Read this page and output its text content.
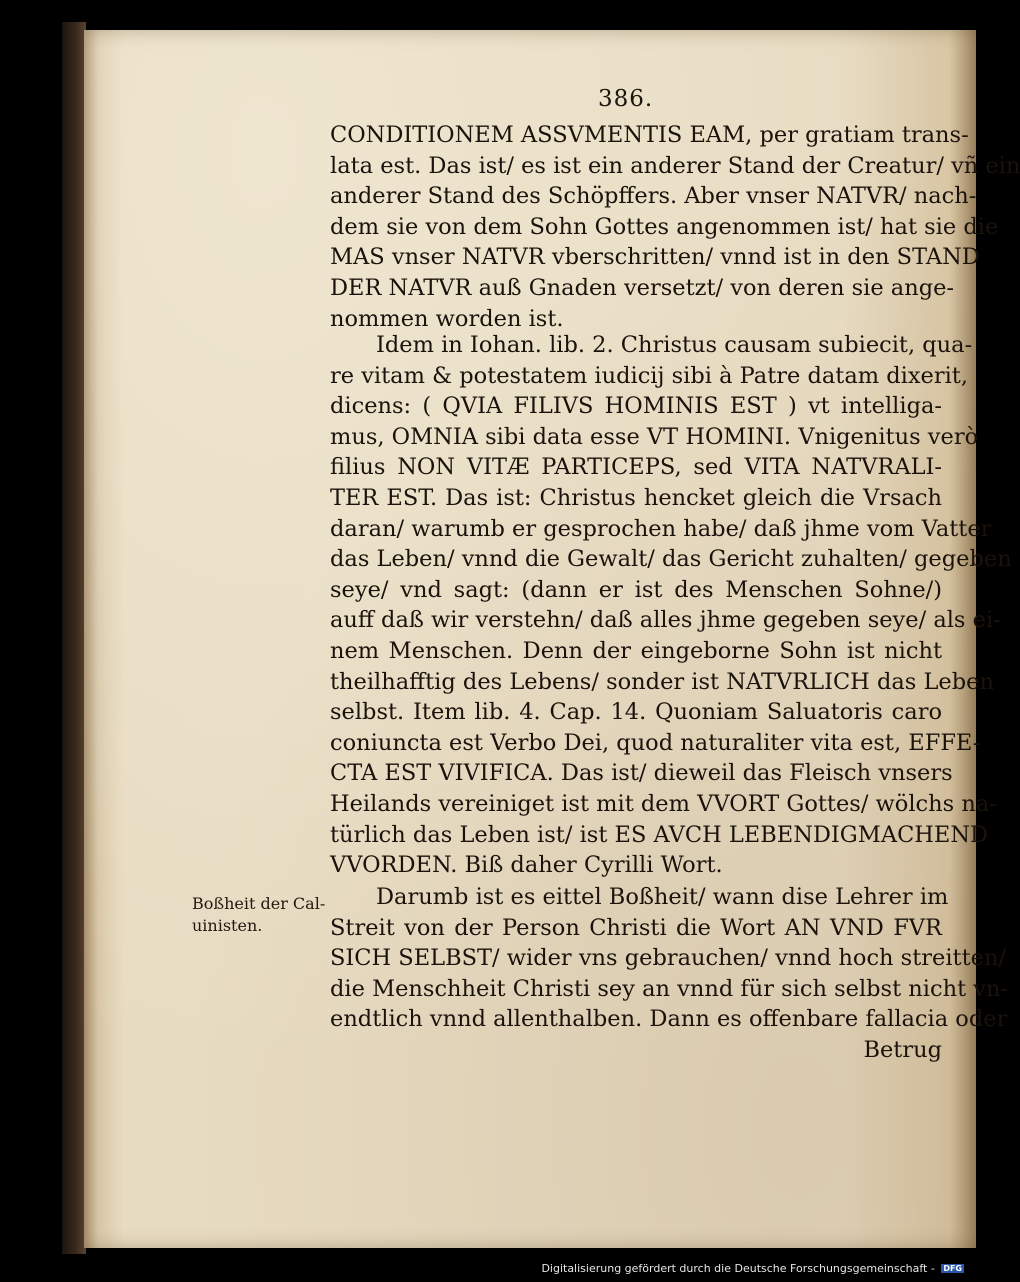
386.
CONDITIONEM ASSVMENTIS EAM, per gratiam trans-
lata est. Das ist/ es ist ein anderer Stand der Creatur/ vñ ein
anderer Stand des Schöpffers. Aber vnser NATVR/ nach-
dem sie von dem Sohn Gottes angenommen ist/ hat sie die
MAS vnser NATVR vberschritten/ vnnd ist in den STAND
DER NATVR auß Gnaden versetzt/ von deren sie ange-
nommen worden ist.
Idem in Iohan. lib. 2. Christus causam subiecit, qua-
re vitam & potestatem iudicij sibi à Patre datam dixerit,
dicens: ( QVIA FILIVS HOMINIS EST ) vt intelliga-
mus, OMNIA sibi data esse VT HOMINI. Vnigenitus verò
filius NON VITÆ PARTICEPS, sed VITA NATVRALI-
TER EST. Das ist: Christus hencket gleich die Vrsach
daran/ warumb er gesprochen habe/ daß jhme vom Vatter
das Leben/ vnnd die Gewalt/ das Gericht zuhalten/ gegeben
seye/ vnd sagt: (dann er ist des Menschen Sohne/)
auff daß wir verstehn/ daß alles jhme gegeben seye/ als ei-
nem Menschen. Denn der eingeborne Sohn ist nicht
theilhafftig des Lebens/ sonder ist NATVRLICH das Leben
selbst. Item lib. 4. Cap. 14. Quoniam Saluatoris caro
coniuncta est Verbo Dei, quod naturaliter vita est, EFFE-
CTA EST VIVIFICA. Das ist/ dieweil das Fleisch vnsers
Heilands vereiniget ist mit dem VVORT Gottes/ wölchs na-
türlich das Leben ist/ ist ES AVCH LEBENDIGMACHEND
VVORDEN. Biß daher Cyrilli Wort.
Boßheit der Cal-
uinisten.
Darumb ist es eittel Boßheit/ wann dise Lehrer im
Streit von der Person Christi die Wort AN VND FVR
SICH SELBST/ wider vns gebrauchen/ vnnd hoch streitten/
die Menschheit Christi sey an vnnd für sich selbst nicht vn-
endtlich vnnd allenthalben. Dann es offenbare fallacia oder
Betrug
Digitalisierung gefördert durch die Deutsche Forschungsgemeinschaft - DFG
